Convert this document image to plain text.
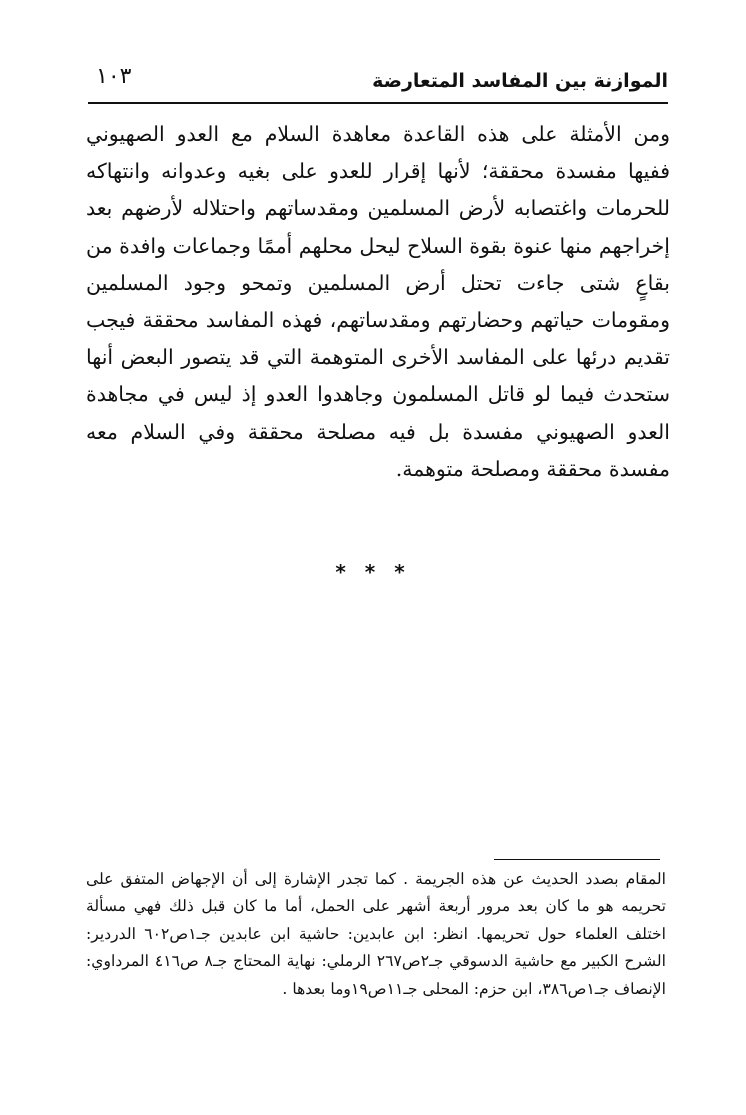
الموازنة بين المفاسد المتعارضة
١٠٣

ومن الأمثلة على هذه القاعدة معاهدة السلام مع العدو الصهيوني ففيها مفسدة محققة؛ لأنها إقرار للعدو على بغيه وعدوانه وانتهاكه للحرمات واغتصابه لأرض المسلمين ومقدساتهم واحتلاله لأرضهم بعد إخراجهم منها عنوة بقوة السلاح ليحل محلهم أممًا وجماعات وافدة من بقاعٍ شتى جاءت تحتل أرض المسلمين وتمحو وجود المسلمين ومقومات حياتهم وحضارتهم ومقدساتهم، فهذه المفاسد محققة فيجب تقديم درئها على المفاسد الأخرى المتوهمة التي قد يتصور البعض أنها ستحدث فيما لو قاتل المسلمون وجاهدوا العدو إذ ليس في مجاهدة العدو الصهيوني مفسدة بل فيه مصلحة محققة وفي السلام معه مفسدة محققة ومصلحة متوهمة.

* * *

المقام بصدد الحديث عن هذه الجريمة . كما تجدر الإشارة إلى أن الإجهاض المتفق على تحريمه هو ما كان بعد مرور أربعة أشهر على الحمل، أما ما كان قبل ذلك فهي مسألة اختلف العلماء حول تحريمها. انظر: ابن عابدين: حاشية ابن عابدين جـ١ص٦٠٢ الدردير: الشرح الكبير مع حاشية الدسوقي جـ٢ص٢٦٧ الرملي: نهاية المحتاج جـ٨ ص٤١٦ المرداوي: الإنصاف جـ١ص٣٨٦، ابن حزم: المحلى جـ١١ص١٩وما بعدها .
